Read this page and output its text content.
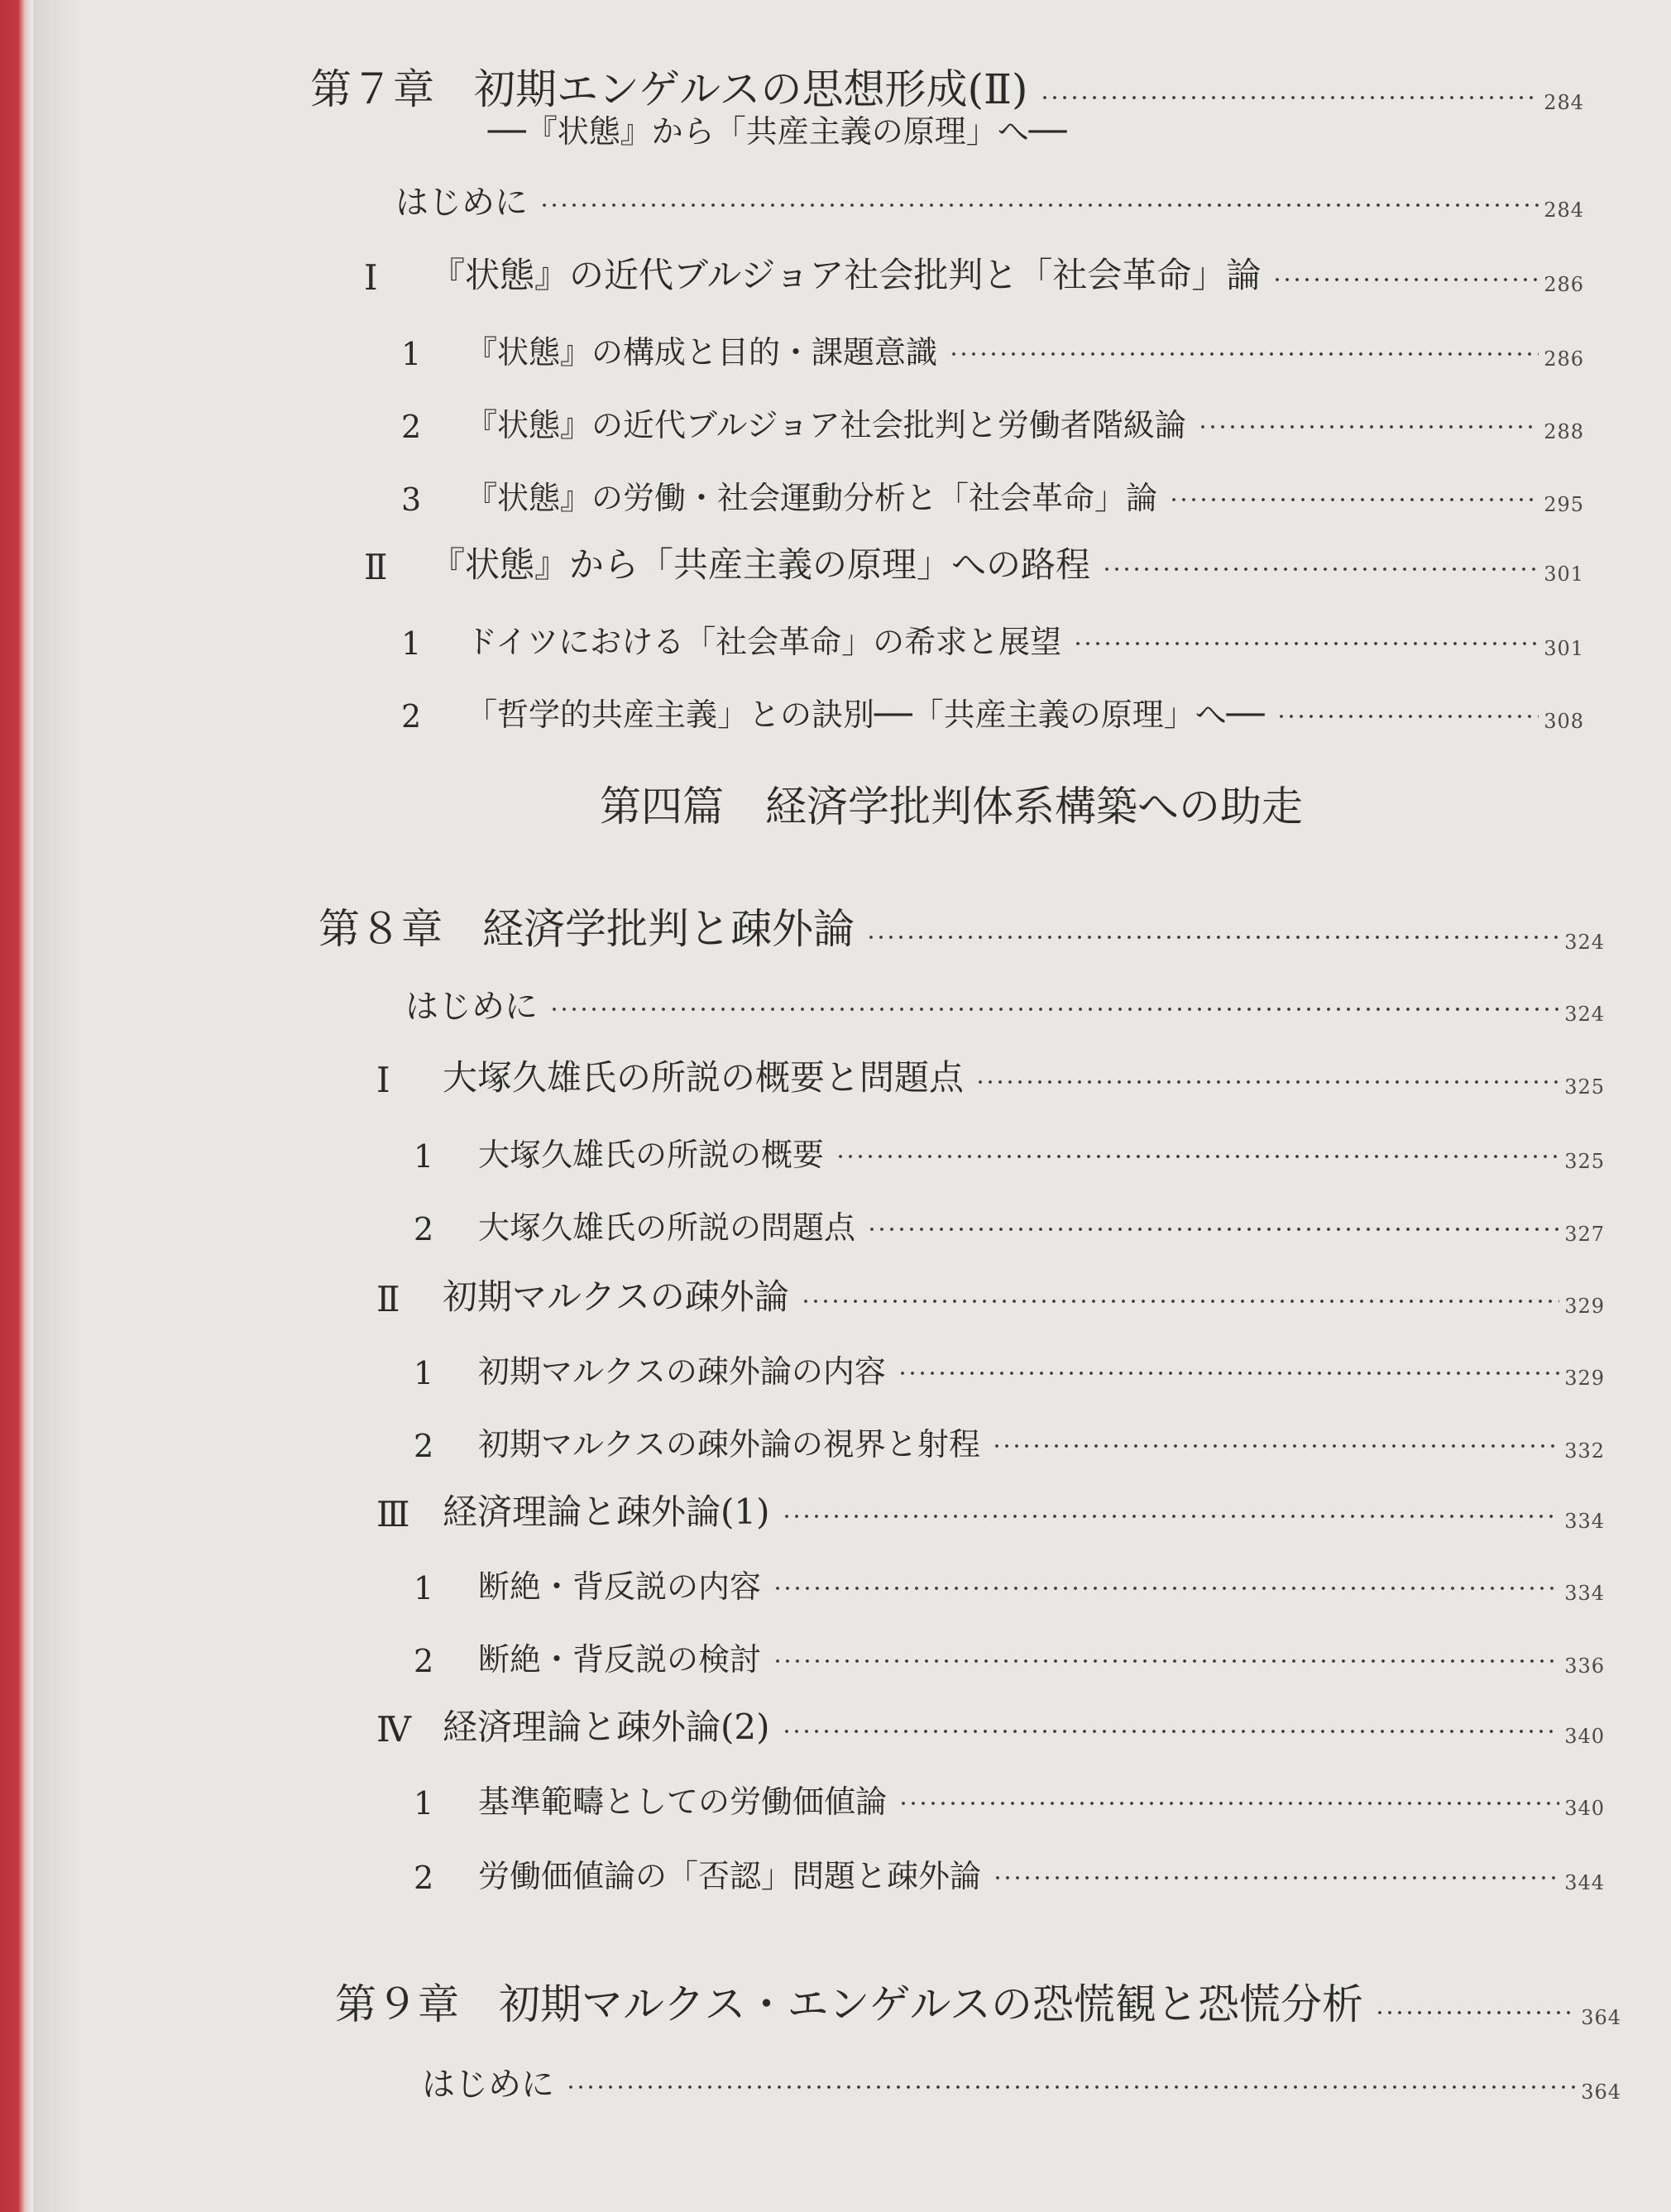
第７章 初期エンゲルスの思想形成(Ⅱ)	284
──『状態』から「共産主義の原理」へ──
はじめに	284
Ⅰ	『状態』の近代ブルジョア社会批判と「社会革命」論	286
1	『状態』の構成と目的・課題意識	286
2	『状態』の近代ブルジョア社会批判と労働者階級論	288
3	『状態』の労働・社会運動分析と「社会革命」論	295
Ⅱ	『状態』から「共産主義の原理」への路程	301
1	ドイツにおける「社会革命」の希求と展望	301
2	「哲学的共産主義」との訣別──「共産主義の原理」へ──	308
第四篇　経済学批判体系構築への助走
第８章 経済学批判と疎外論	324
はじめに	324
Ⅰ	大塚久雄氏の所説の概要と問題点	325
1	大塚久雄氏の所説の概要	325
2	大塚久雄氏の所説の問題点	327
Ⅱ	初期マルクスの疎外論	329
1	初期マルクスの疎外論の内容	329
2	初期マルクスの疎外論の視界と射程	332
Ⅲ 経済理論と疎外論(1)	334
1	断絶・背反説の内容	334
2	断絶・背反説の検討	336
Ⅳ 経済理論と疎外論(2)	340
1	基準範疇としての労働価値論	340
2	労働価値論の「否認」問題と疎外論	344
第９章 初期マルクス・エンゲルスの恐慌観と恐慌分析	364
はじめに	364
